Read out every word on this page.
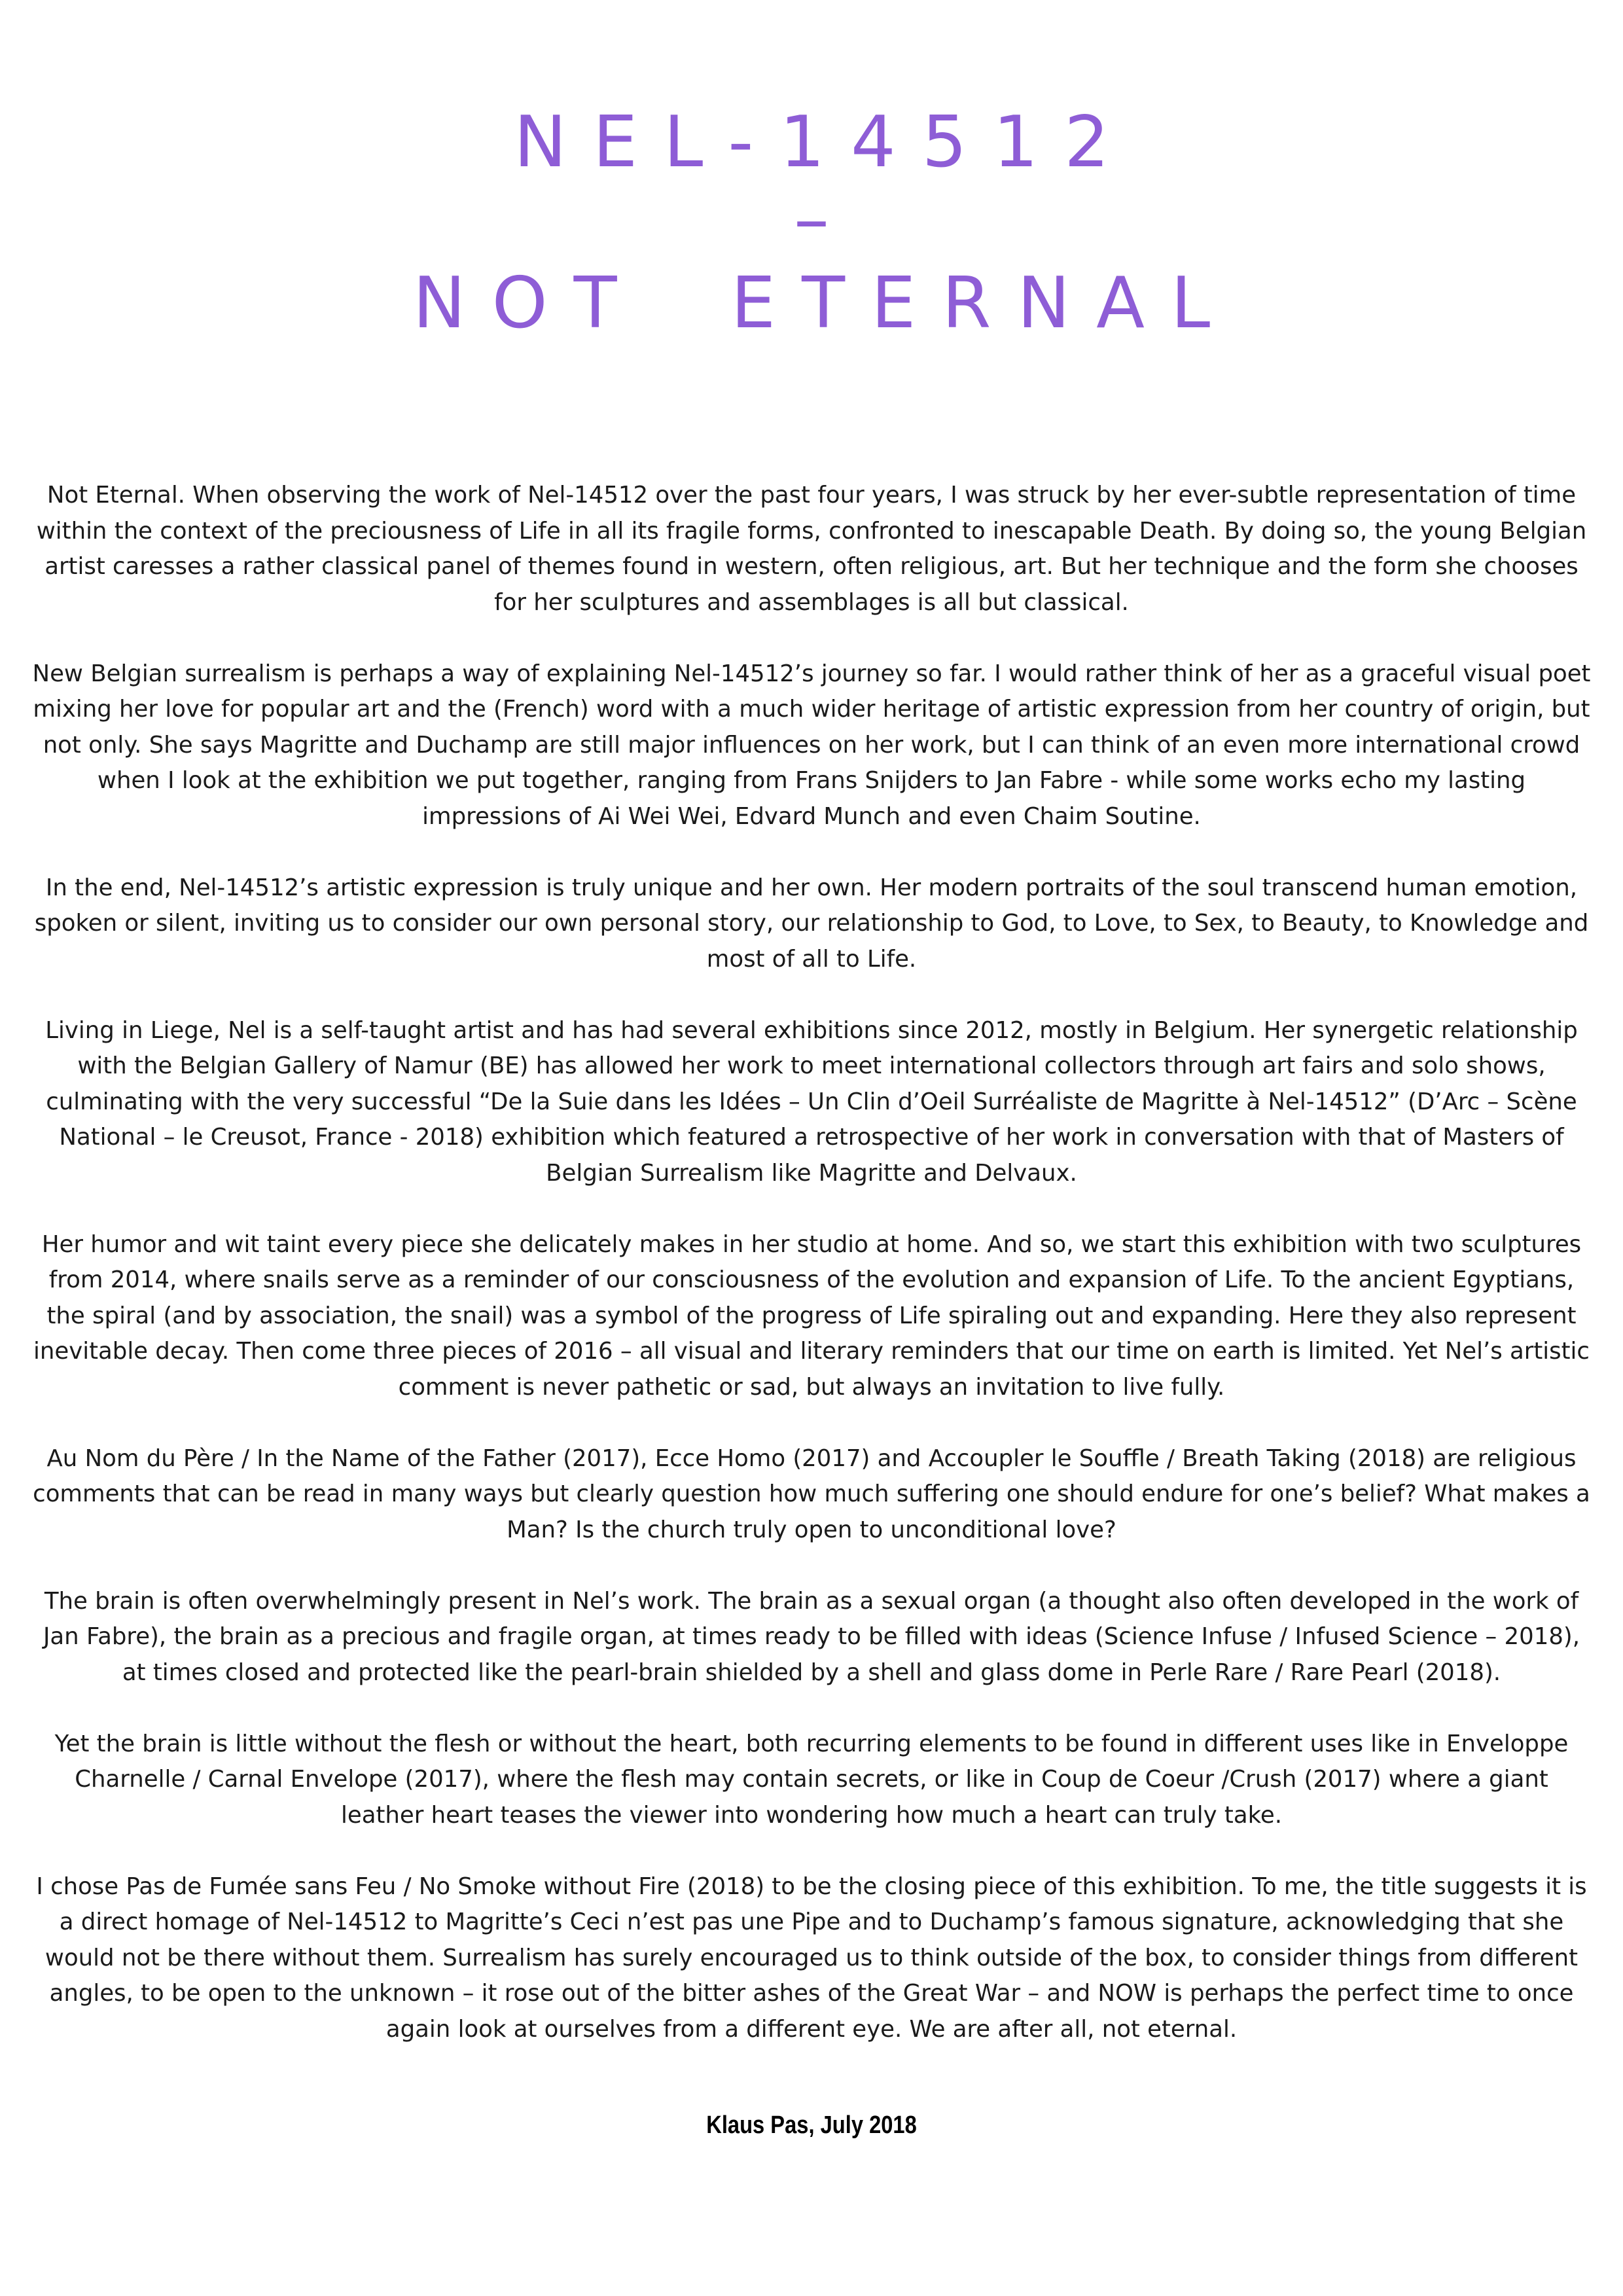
NEL-14512
–
NOT ETERNAL

Not Eternal. When observing the work of Nel-14512 over the past four years, I was struck by her ever-subtle representation of time within the context of the preciousness of Life in all its fragile forms, confronted to inescapable Death. By doing so, the young Belgian artist caresses a rather classical panel of themes found in western, often religious, art. But her technique and the form she chooses for her sculptures and assemblages is all but classical.

New Belgian surrealism is perhaps a way of explaining Nel-14512’s journey so far. I would rather think of her as a graceful visual poet mixing her love for popular art and the (French) word with a much wider heritage of artistic expression from her country of origin, but not only. She says Magritte and Duchamp are still major influences on her work, but I can think of an even more international crowd when I look at the exhibition we put together, ranging from Frans Snijders to Jan Fabre - while some works echo my lasting impressions of Ai Wei Wei, Edvard Munch and even Chaim Soutine.

In the end, Nel-14512’s artistic expression is truly unique and her own. Her modern portraits of the soul transcend human emotion, spoken or silent, inviting us to consider our own personal story, our relationship to God, to Love, to Sex, to Beauty, to Knowledge and most of all to Life.

Living in Liege, Nel is a self-taught artist and has had several exhibitions since 2012, mostly in Belgium. Her synergetic relationship with the Belgian Gallery of Namur (BE) has allowed her work to meet international collectors through art fairs and solo shows, culminating with the very successful “De la Suie dans les Idées – Un Clin d’Oeil Surréaliste de Magritte à Nel-14512” (D’Arc – Scène National – le Creusot, France - 2018) exhibition which featured a retrospective of her work in conversation with that of Masters of Belgian Surrealism like Magritte and Delvaux.

Her humor and wit taint every piece she delicately makes in her studio at home. And so, we start this exhibition with two sculptures from 2014, where snails serve as a reminder of our consciousness of the evolution and expansion of Life. To the ancient Egyptians, the spiral (and by association, the snail) was a symbol of the progress of Life spiraling out and expanding. Here they also represent inevitable decay. Then come three pieces of 2016 – all visual and literary reminders that our time on earth is limited. Yet Nel’s artistic comment is never pathetic or sad, but always an invitation to live fully.

Au Nom du Père / In the Name of the Father (2017), Ecce Homo (2017) and Accoupler le Souffle / Breath Taking (2018) are religious comments that can be read in many ways but clearly question how much suffering one should endure for one’s belief? What makes a Man? Is the church truly open to unconditional love?

The brain is often overwhelmingly present in Nel’s work. The brain as a sexual organ (a thought also often developed in the work of Jan Fabre), the brain as a precious and fragile organ, at times ready to be filled with ideas (Science Infuse / Infused Science – 2018), at times closed and protected like the pearl-brain shielded by a shell and glass dome in Perle Rare / Rare Pearl (2018).

Yet the brain is little without the flesh or without the heart, both recurring elements to be found in different uses like in Enveloppe Charnelle / Carnal Envelope (2017), where the flesh may contain secrets, or like in Coup de Coeur /Crush (2017) where a giant leather heart teases the viewer into wondering how much a heart can truly take.

I chose Pas de Fumée sans Feu / No Smoke without Fire (2018) to be the closing piece of this exhibition. To me, the title suggests it is a direct homage of Nel-14512 to Magritte’s Ceci n’est pas une Pipe and to Duchamp’s famous signature, acknowledging that she would not be there without them. Surrealism has surely encouraged us to think outside of the box, to consider things from different angles, to be open to the unknown – it rose out of the bitter ashes of the Great War – and NOW is perhaps the perfect time to once again look at ourselves from a different eye. We are after all, not eternal.

Klaus Pas, July 2018
